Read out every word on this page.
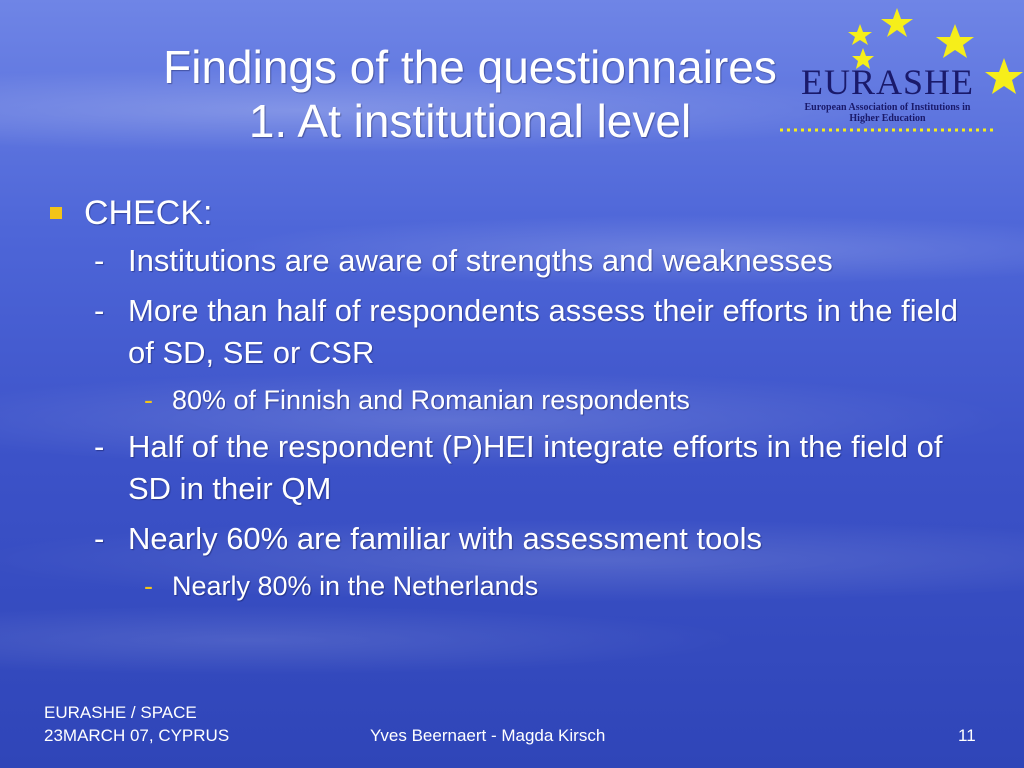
Findings of the questionnaires
1. At institutional level
EURASHE
European Association of Institutions in
Higher Education
CHECK:
- Institutions are aware of strengths and weaknesses
- More than half of respondents assess their efforts in the field of SD, SE or CSR
- 80% of Finnish and Romanian respondents
- Half of the respondent (P)HEI integrate efforts in the field of SD in their QM
- Nearly 60% are familiar with assessment tools
- Nearly 80% in the Netherlands
EURASHE / SPACE
23MARCH 07, CYPRUS	Yves Beernaert - Magda Kirsch	11
